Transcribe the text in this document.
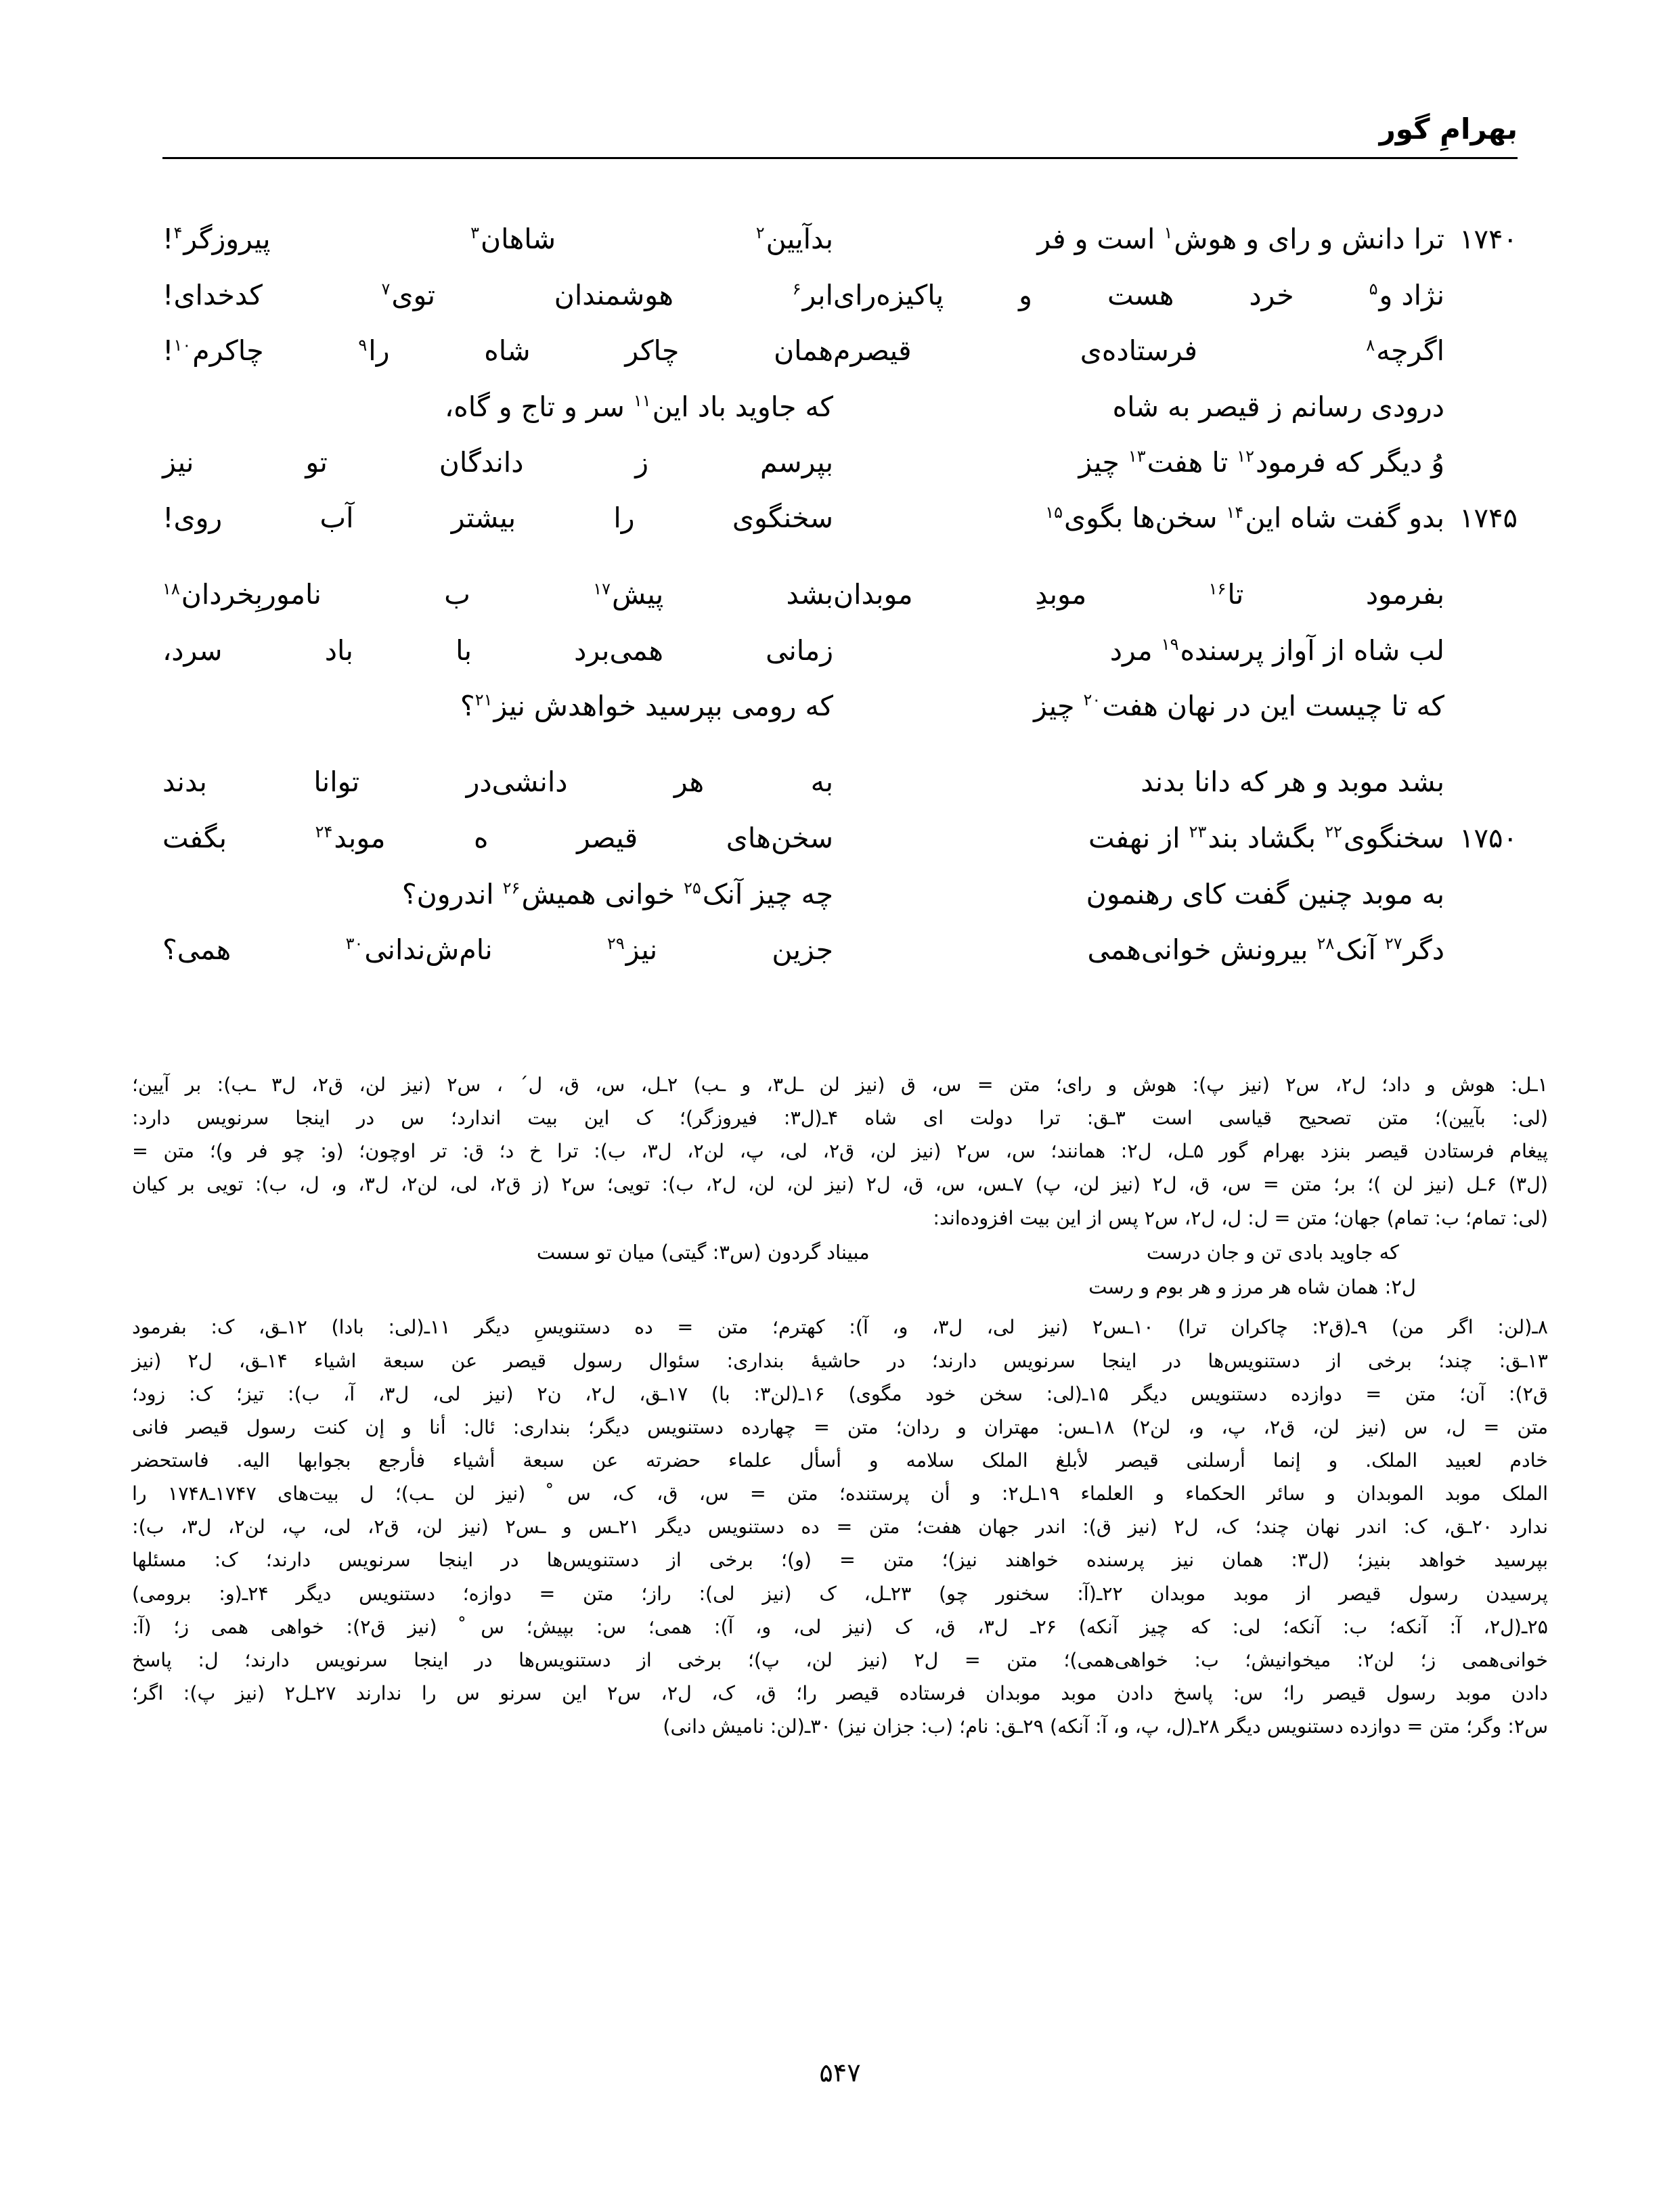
بهرامِ گور
۱۷۴۰
ترا دانش و رای و هوش$^۱$ است و فر
بدآیین$^۲$
شاهان$^۳$
پیروزگر$^۴$!
نژاد و$^۵$
خرد
هست
و
پاکیزه‌رای
ابر$^۶$
هوشمندان
توی$^۷$
کدخدای!
اگرچه$^۸$
فرستاده‌ی
قیصرم
همان
چاکر
شاه
را$^۹$
چاکرم$^{۱۰}$!
درودی رسانم ز قیصر به شاه
که جاوید باد این$^{۱۱}$ سر و تاج و گاه،
وُ دیگر که فرمود$^{۱۲}$ تا هفت$^{۱۳}$ چیز
بپرسم
ز
داندگان
تو
نیز
۱۷۴۵
بدو گفت شاه این$^{۱۴}$ سخن‌ها بگوی$^{۱۵}$
سخنگوی
را
بیشتر
آب
روی!
بفرمود
تا$^{۱۶}$
موبدِ
موبدان
بشد
پیش$^{۱۷}$
ب
ناموربِخردان$^{۱۸}$
لب شاه از آواز پرسنده$^{۱۹}$ مرد
زمانی
همی‌برد
با
باد
سرد،
که تا چیست این در نهان هفت$^{۲۰}$ چیز
که رومی بپرسید خواهدش نیز$^{۲۱}$؟
بشد موبد و هر که دانا بدند
به
هر
دانشی‌در
توانا
بدند
۱۷۵۰
سخنگوی$^{۲۲}$ بگشاد بند$^{۲۳}$ از نهفت
سخن‌های
قیصر
ه
موبد$^{۲۴}$
بگفت
به موبد چنین گفت کای رهنمون
چه چیز آنک$^{۲۵}$ خوانی همیش$^{۲۶}$ اندرون؟
دگر$^{۲۷}$ آنک$^{۲۸}$ بیرونش خوانی‌همی
جزین
نیز$^{۲۹}$
نام‌ش‌ندانی$^{۳۰}$
همی؟

۱ـل: هوش و داد؛ ل۲، س۲ (نیز پ): هوش و رای؛ متن = س، ق (نیز لن ـل۳، و ـب) ۲ـل، س، ق، ل´ ، س۲ (نیز لن، ق۲، ل۳ ـب): بر آیین؛

(لی: بآیین)؛ متن تصحیح قیاسی است ۳ـق: ترا دولت ای شاه ۴ـ(ل۳: فیروزگر)؛ ک این بیت اندارد؛ س در اینجا سرنویس دارد:

پیغام فرستادن قیصر بنزد بهرام گور ۵ـل، ل۲: همانند؛ س، س۲ (نیز لن، ق۲، لی، پ، لن۲، ل۳، ب): ترا خ د؛ ق: تر اوچون؛ (و: چو فر و)؛ متن =

(ل۳) ۶ـل (نیز لن )؛ بر؛ متن = س، ق، ل۲ (نیز لن، پ) ۷ـس، س، ق، ل۲ (نیز لن، لن، ل۲، ب): تویی؛ س۲ (ز ق۲، لی، لن۲، ل۳، و، ل، ب): تویی بر کیان

(لی: تمام؛ ب: تمام) جهان؛ متن = ل: ل، ل۲، س۲ پس از این بیت افزوده‌اند:

که جاوید بادی تن و جان درست
مبیناد گردون (س۳: گیتی) میان تو سست
ل۲: همان شاه هر مرز و هر بوم و رست

۸ـ(لن: اگر من) ۹ـ(ق۲: چاکران ترا) ۱۰ـس۲ (نیز لی، ل۳، و، آ): کهترم؛ متن = ده دستنویسِ دیگر ۱۱ـ(لی: بادا) ۱۲ـق، ک: بفرمود

۱۳ـق: چند؛ برخی از دستنویس‌ها در اینجا سرنویس دارند؛ در حاشیهٔ بنداری: سئوال رسول قیصر عن سبعة اشیاء ۱۴ـق، ل۲ (نیز

ق۲): آن؛ متن = دوازده دستنویس دیگر ۱۵ـ(لی: سخن خود مگوی) ۱۶ـ(لن۳: با) ۱۷ـق، ل۲، ن۲ (نیز لی، ل۳، آ، ب): تیز؛ ک: زود؛

متن = ل، س (نیز لن، ق۲، پ، و، لن۲) ۱۸ـس: مهتران و ردان؛ متن = چهارده دستنویس دیگر؛ بنداری: ئال: أنا و إن کنت رسول قیصر فانی

خادم لعبید الملک. و إنما أرسلنی قیصر لأبلغ الملک سلامه و أسأل علماء حضرته عن سبعة أشیاء فأرجع بجوابها الیه. فاستحضر

الملک موبد الموبدان و سائر الحکماء و العلماء ۱۹ـل۲: و أن پرستنده؛ متن = س، ق، ک، س ْ (نیز لن ـب)؛ ل بیت‌های ۱۷۴۷ـ۱۷۴۸ را

ندارد ۲۰ـق، ک: اندر نهان چند؛ ک، ل۲ (نیز ق): اندر جهان هفت؛ متن = ده دستنویس دیگر ۲۱ـس و ـس۲ (نیز لن، ق۲، لی، پ، لن۲، ل۳، ب):

بپرسید خواهد بنیز؛ (ل۳: همان نیز پرسنده خواهند نیز)؛ متن = (و)؛ برخی از دستنویس‌ها در اینجا سرنویس دارند؛ ک: مسئلها

پرسیدن رسول قیصر از موبد موبدان ۲۲ـ(آ: سخنور چو) ۲۳ـل، ک (نیز لی): راز؛ متن = دوازه؛ دستنویس دیگر ۲۴ـ(و: برومی)

۲۵ـ(ل۲، آ: آنکه؛ ب: آنکه؛ لی: که چیز آنکه) ۲۶ـ ل۳، ق، ک (نیز لی، و، آ): همی؛ س: بپیش؛ س ْ (نیز ق۲): خواهی همی ز؛ (آ:

خوانی‌همی ز؛ لن۲: میخوانیش؛ ب: خواهی‌همی)؛ متن = ل۲ (نیز لن، پ)؛ برخی از دستنویس‌ها در اینجا سرنویس دارند؛ ل: پاسخ

دادن موبد رسول قیصر را؛ س: پاسخ دادن موبد موبدان فرستاده قیصر را؛ ق، ک، ل۲، س۲ این سرنو س را ندارند ۲۷ـل۲ (نیز پ): اگر؛

س۲: وگر؛ متن = دوازده دستنویس دیگر ۲۸ـ(ل، پ، و، آ: آنکه) ۲۹ـق: نام؛ (ب: جزان نیز) ۳۰ـ(لن: نامیش دانی)

۵۴۷
